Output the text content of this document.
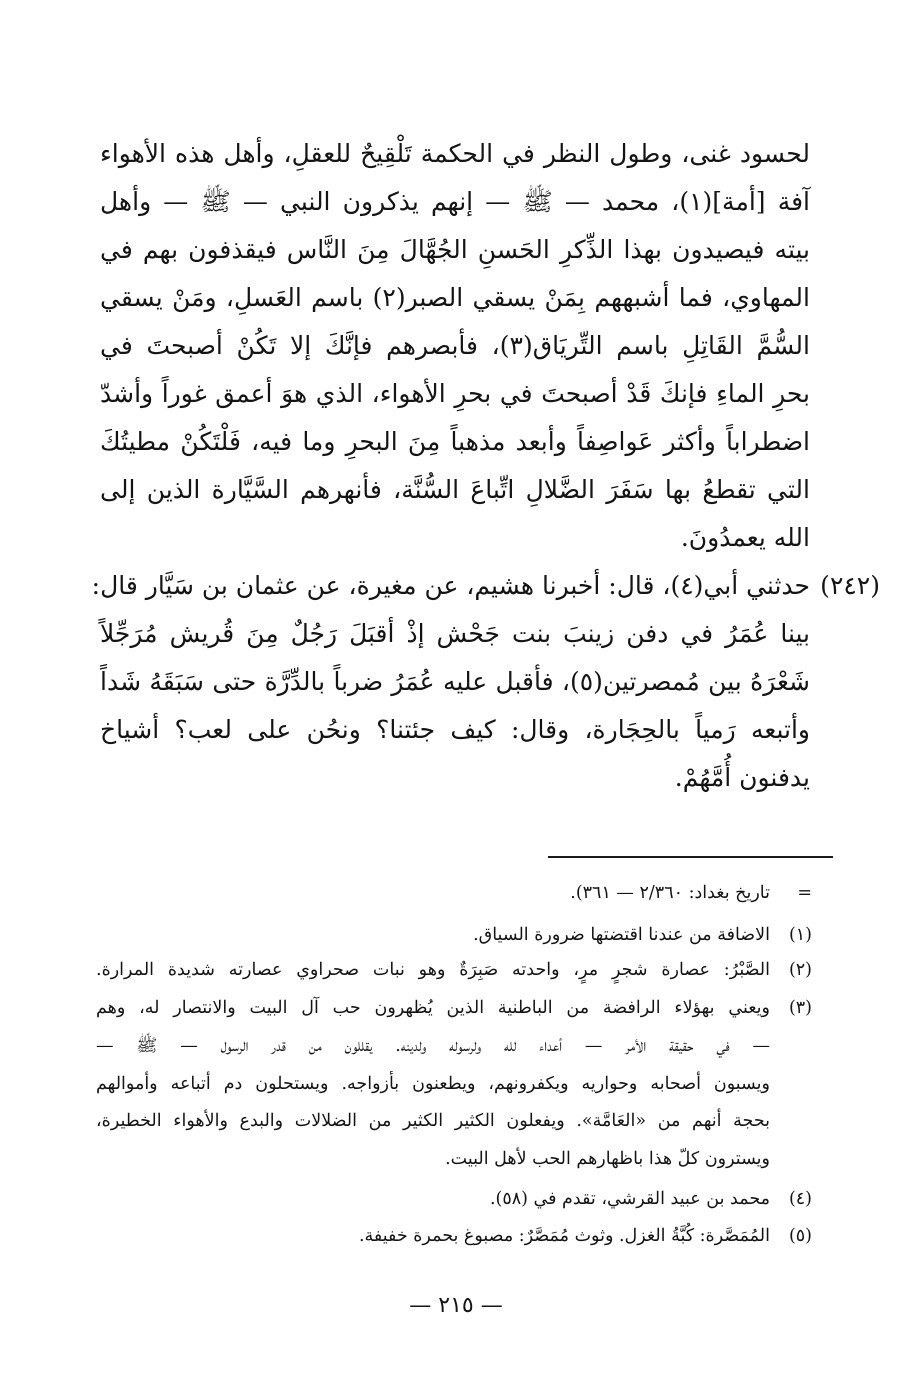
لحسود غنى، وطول النظر في الحكمة تَلْقِيحٌ للعقلِ، وأهل هذه الأهواء
آفة [أمة](١)، محمد — ﷺ — إنهم يذكرون النبي — ﷺ — وأهل
بيته فيصيدون بهذا الذِّكرِ الحَسنِ الجُهَّالَ مِنَ النَّاس فيقذفون بهم في
المهاوي، فما أشبههم بِمَنْ يسقي الصبر(٢) باسم العَسلِ، ومَنْ يسقي
السُّمَّ القَاتِلِ باسم التِّريَاق(٣)، فأبصرهم فإنَّكَ إلا تَكُنْ أصبحتَ في
بحرِ الماءِ فإنكَ قَدْ أصبحتَ في بحرِ الأهواء، الذي هوَ أعمق غوراً وأشدّ
اضطراباً وأكثر عَواصِفاً وأبعد مذهباً مِنَ البحرِ وما فيه، فَلْتَكُنْ مطيتُكَ
التي تقطعُ بها سَفَرَ الضَّلالِ اتِّباعَ السُّنَّة، فأنهرهم السَّيَّارة الذين إلى
الله يعمدُونَ.
(٢٤٢)
حدثني أبي(٤)، قال: أخبرنا هشيم، عن مغيرة، عن عثمان بن سَيَّار قال:
بينا عُمَرُ في دفن زينبَ بنت جَحْش إذْ أقبَلَ رَجُلٌ مِنَ قُريش مُرَجِّلاً
شَعْرَهُ بين مُمصرتين(٥)، فأقبل عليه عُمَرُ ضرباً بالدِّرَّة حتى سَبَقَهُ شَداً
وأتبعه رَمياً بالحِجَارة، وقال: كيف جئتنا؟ ونحُن على لعب؟ أشياخ
يدفنون أُمَّهُمْ.
=
تاريخ بغداد: ٢/٣٦٠ — ٣٦١).
(١)
الاضافة من عندنا اقتضتها ضرورة السياق.
(٢)
الصَّبْرُ: عصارة شجرٍ مرٍ، واحدته صَبِرَةٌ وهو نبات صحراوي عصارته شديدة المرارة.
(٣)
ويعني بهؤلاء الرافضة من الباطنية الذين يُظهرون حب آل البيت والانتصار له، وهم
— في حقيقة الأمر — أعداء لله ولرسوله ولدينه. يقللون من قدر الرسول — ﷺ —
ويسبون أصحابه وحواريه ويكفرونهم، ويطعنون بأزواجه. ويستحلون دم أتباعه وأموالهم
بحجة أنهم من «العَامَّة». ويفعلون الكثير الكثير من الضلالات والبدع والأهواء الخطيرة،
ويسترون كلّ هذا باظهارهم الحب لأهل البيت.
(٤)
محمد بن عبيد القرشي، تقدم في (٥٨).
(٥)
المُمَصَّرة: كُبَّةُ الغزل. وثوث مُمَصَّرٌ: مصبوغ بحمرة خفيفة.
— ٢١٥ —
